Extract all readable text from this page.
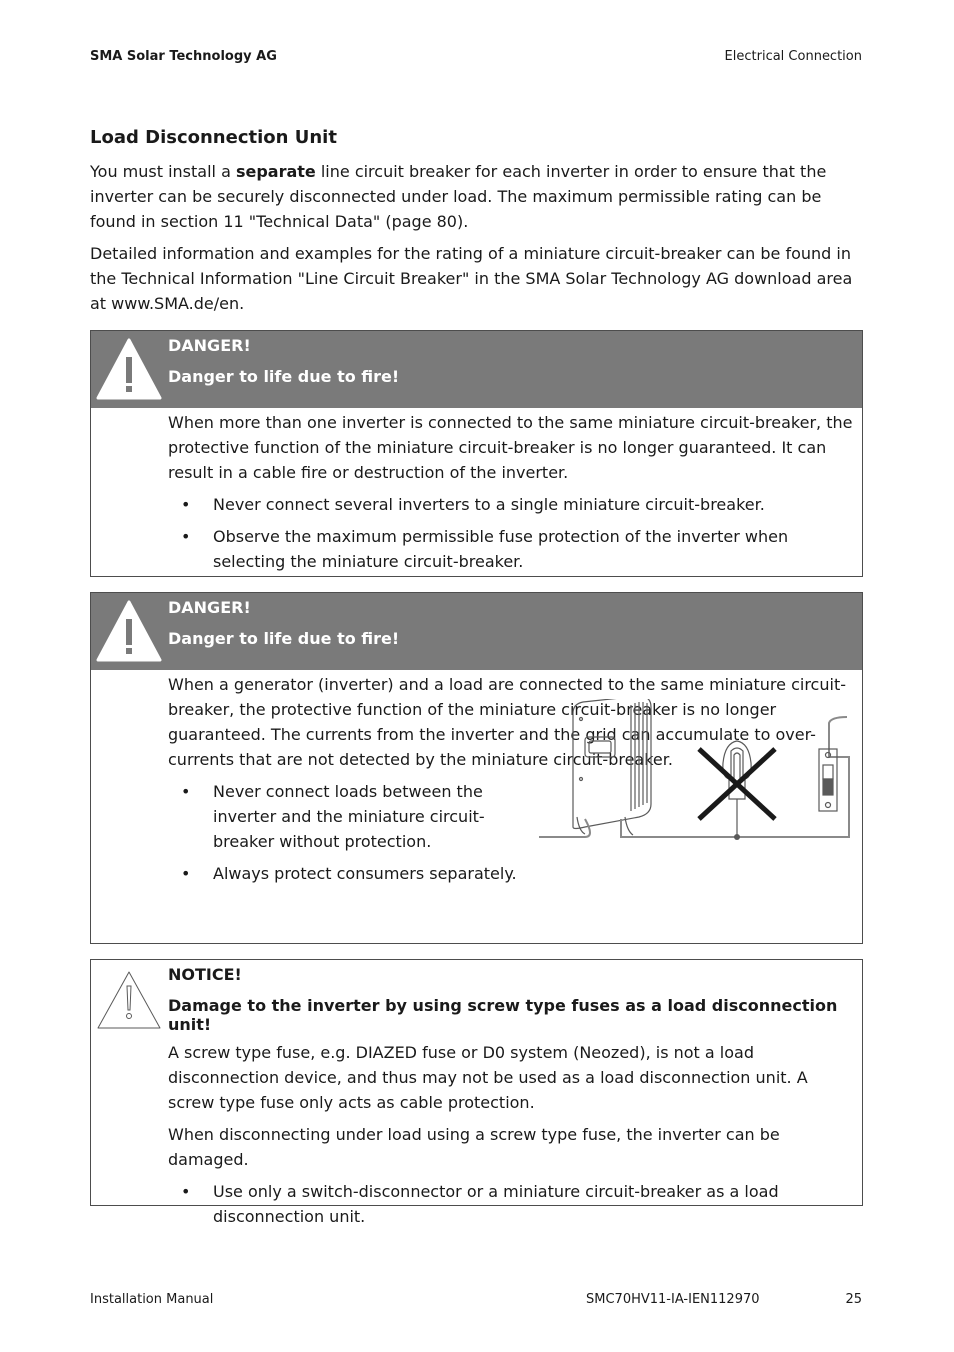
SMA Solar Technology AG	Electrical Connection
Load Disconnection Unit

You must install a separate line circuit breaker for each inverter in order to ensure that the inverter can be securely disconnected under load. The maximum permissible rating can be found in section 11 "Technical Data" (page 80).

Detailed information and examples for the rating of a miniature circuit-breaker can be found in the Technical Information "Line Circuit Breaker" in the SMA Solar Technology AG download area at www.SMA.de/en.

DANGER!
Danger to life due to fire!

When more than one inverter is connected to the same miniature circuit-breaker, the protective function of the miniature circuit-breaker is no longer guaranteed. It can result in a cable fire or destruction of the inverter.

• Never connect several inverters to a single miniature circuit-breaker.
• Observe the maximum permissible fuse protection of the inverter when selecting the miniature circuit-breaker.
DANGER!
Danger to life due to fire!

When a generator (inverter) and a load are connected to the same miniature circuit-breaker, the protective function of the miniature circuit-breaker is no longer guaranteed. The currents from the inverter and the grid can accumulate to over-currents that are not detected by the miniature circuit-breaker.

• Never connect loads between the inverter and the miniature circuit-breaker without protection.
• Always protect consumers separately.
NOTICE!
Damage to the inverter by using screw type fuses as a load disconnection unit!

A screw type fuse, e.g. DIAZED fuse or D0 system (Neozed), is not a load disconnection device, and thus may not be used as a load disconnection unit. A screw type fuse only acts as cable protection.

When disconnecting under load using a screw type fuse, the inverter can be damaged.

• Use only a switch-disconnector or a miniature circuit-breaker as a load disconnection unit.
Installation Manual	SMC70HV11-IA-IEN112970	25
